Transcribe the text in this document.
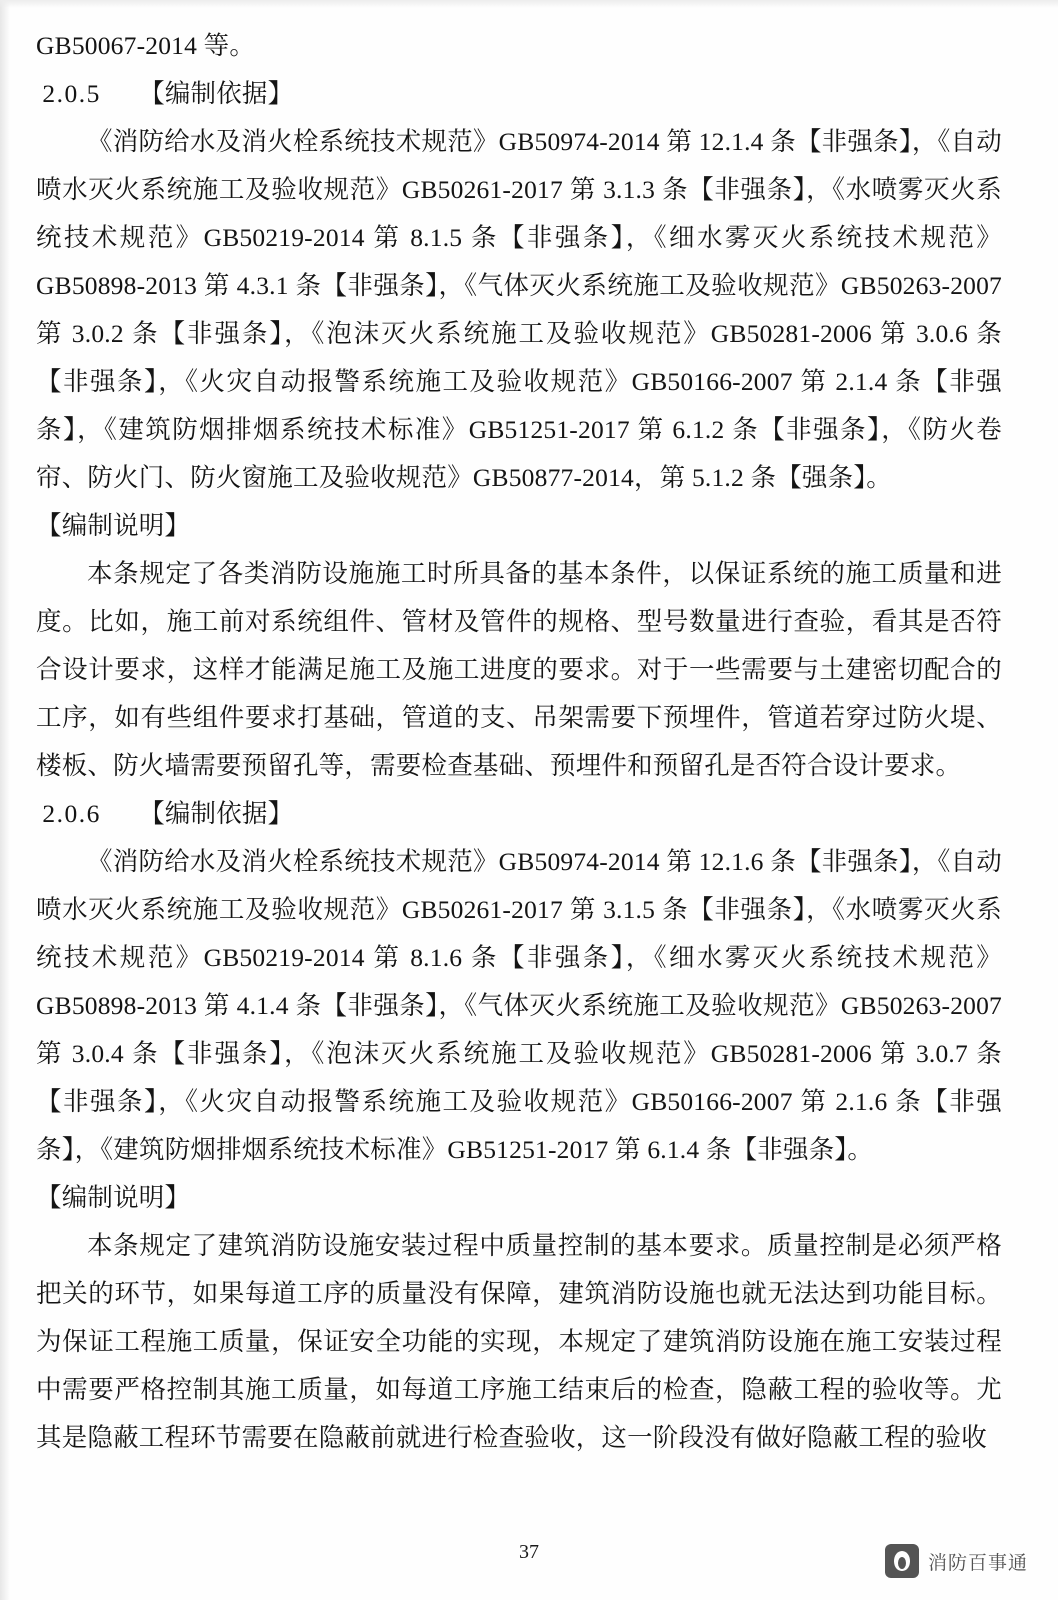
GB50067-2014 等。

2.0.5 【编制依据】

《消防给水及消火栓系统技术规范》GB50974-2014 第 12.1.4 条【非强条】，《自动喷水灭火系统施工及验收规范》GB50261-2017 第 3.1.3 条【非强条】，《水喷雾灭火系统技术规范》GB50219-2014 第 8.1.5 条【非强条】，《细水雾灭火系统技术规范》GB50898-2013 第 4.3.1 条【非强条】，《气体灭火系统施工及验收规范》GB50263-2007 第 3.0.2 条【非强条】，《泡沫灭火系统施工及验收规范》GB50281-2006 第 3.0.6 条【非强条】，《火灾自动报警系统施工及验收规范》GB50166-2007 第 2.1.4 条【非强条】，《建筑防烟排烟系统技术标准》GB51251-2017 第 6.1.2 条【非强条】，《防火卷帘、防火门、防火窗施工及验收规范》GB50877-2014，第 5.1.2 条【强条】。

【编制说明】

本条规定了各类消防设施施工时所具备的基本条件，以保证系统的施工质量和进度。比如，施工前对系统组件、管材及管件的规格、型号数量进行查验，看其是否符合设计要求，这样才能满足施工及施工进度的要求。对于一些需要与土建密切配合的工序，如有些组件要求打基础，管道的支、吊架需要下预埋件，管道若穿过防火堤、楼板、防火墙需要预留孔等，需要检查基础、预埋件和预留孔是否符合设计要求。

2.0.6 【编制依据】

《消防给水及消火栓系统技术规范》GB50974-2014 第 12.1.6 条【非强条】，《自动喷水灭火系统施工及验收规范》GB50261-2017 第 3.1.5 条【非强条】，《水喷雾灭火系统技术规范》GB50219-2014 第 8.1.6 条【非强条】，《细水雾灭火系统技术规范》GB50898-2013 第 4.1.4 条【非强条】，《气体灭火系统施工及验收规范》GB50263-2007 第 3.0.4 条【非强条】，《泡沫灭火系统施工及验收规范》GB50281-2006 第 3.0.7 条【非强条】，《火灾自动报警系统施工及验收规范》GB50166-2007 第 2.1.6 条【非强条】，《建筑防烟排烟系统技术标准》GB51251-2017 第 6.1.4 条【非强条】。

【编制说明】

本条规定了建筑消防设施安装过程中质量控制的基本要求。质量控制是必须严格把关的环节，如果每道工序的质量没有保障，建筑消防设施也就无法达到功能目标。为保证工程施工质量，保证安全功能的实现，本规定了建筑消防设施在施工安装过程中需要严格控制其施工质量，如每道工序施工结束后的检查，隐蔽工程的验收等。尤其是隐蔽工程环节需要在隐蔽前就进行检查验收，这一阶段没有做好隐蔽工程的验收

37	消防百事通
